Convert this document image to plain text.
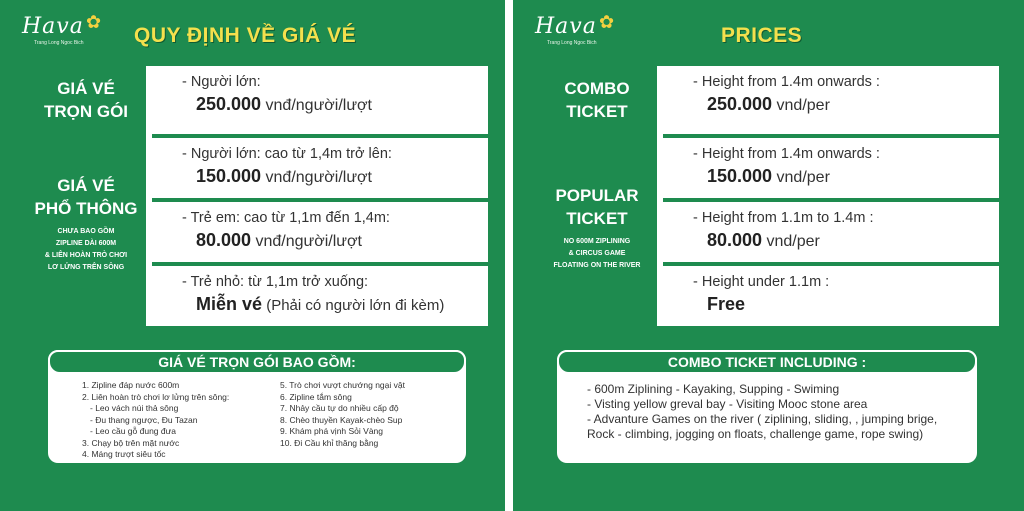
Hava ✿
Trang Long Ngoc Bich QUY ĐỊNH VỀ GIÁ VÉ
GIÁ VÉ
TRỌN GÓI
- Người lớn:
250.000 vnđ/người/lượt
GIÁ VÉ
PHỔ THÔNG
CHƯA BAO GỒM
ZIPLINE DÀI 600M
& LIÊN HOÀN TRÒ CHƠI
LƠ LỬNG TRÊN SÔNG
- Người lớn: cao từ 1,4m trở lên:
150.000 vnđ/người/lượt
- Trẻ em: cao từ 1,1m đến 1,4m:
80.000 vnđ/người/lượt
- Trẻ nhỏ: từ 1,1m trở xuống:
Miễn vé (Phải có người lớn đi kèm)
GIÁ VÉ TRỌN GÓI BAO GỒM:
1. Zipline đáp nước 600m
2. Liên hoàn trò chơi lơ lửng trên sông:
- Leo vách núi thả sông
- Đu thang ngược, Đu Tazan
- Leo cầu gỗ đung đưa
3. Chạy bộ trên mặt nước
4. Máng trượt siêu tốc
5. Trò chơi vượt chướng ngại vật
6. Zipline tắm sông
7. Nhảy cầu tự do nhiều cấp độ
8. Chèo thuyền Kayak-chèo Sup
9. Khám phá vịnh Sỏi Vàng
10. Đi Cầu khỉ thăng bằng
Hava ✿
Trang Long Ngoc Bich	PRICES
COMBO
TICKET
- Height from 1.4m onwards :
250.000 vnd/per
POPULAR
TICKET
NO 600M ZIPLINING
& CIRCUS GAME
FLOATING ON THE RIVER
- Height from 1.4m onwards :
150.000 vnd/per
- Height from 1.1m to 1.4m :
80.000 vnd/per
- Height under 1.1m :
Free
COMBO TICKET INCLUDING :
- 600m Ziplining - Kayaking, Supping - Swiming
- Visting yellow greval bay - Visiting Mooc stone area
- Advanture Games on the river ( ziplining, sliding, , jumping brige,
Rock - climbing, jogging on floats, challenge game, rope swing)
